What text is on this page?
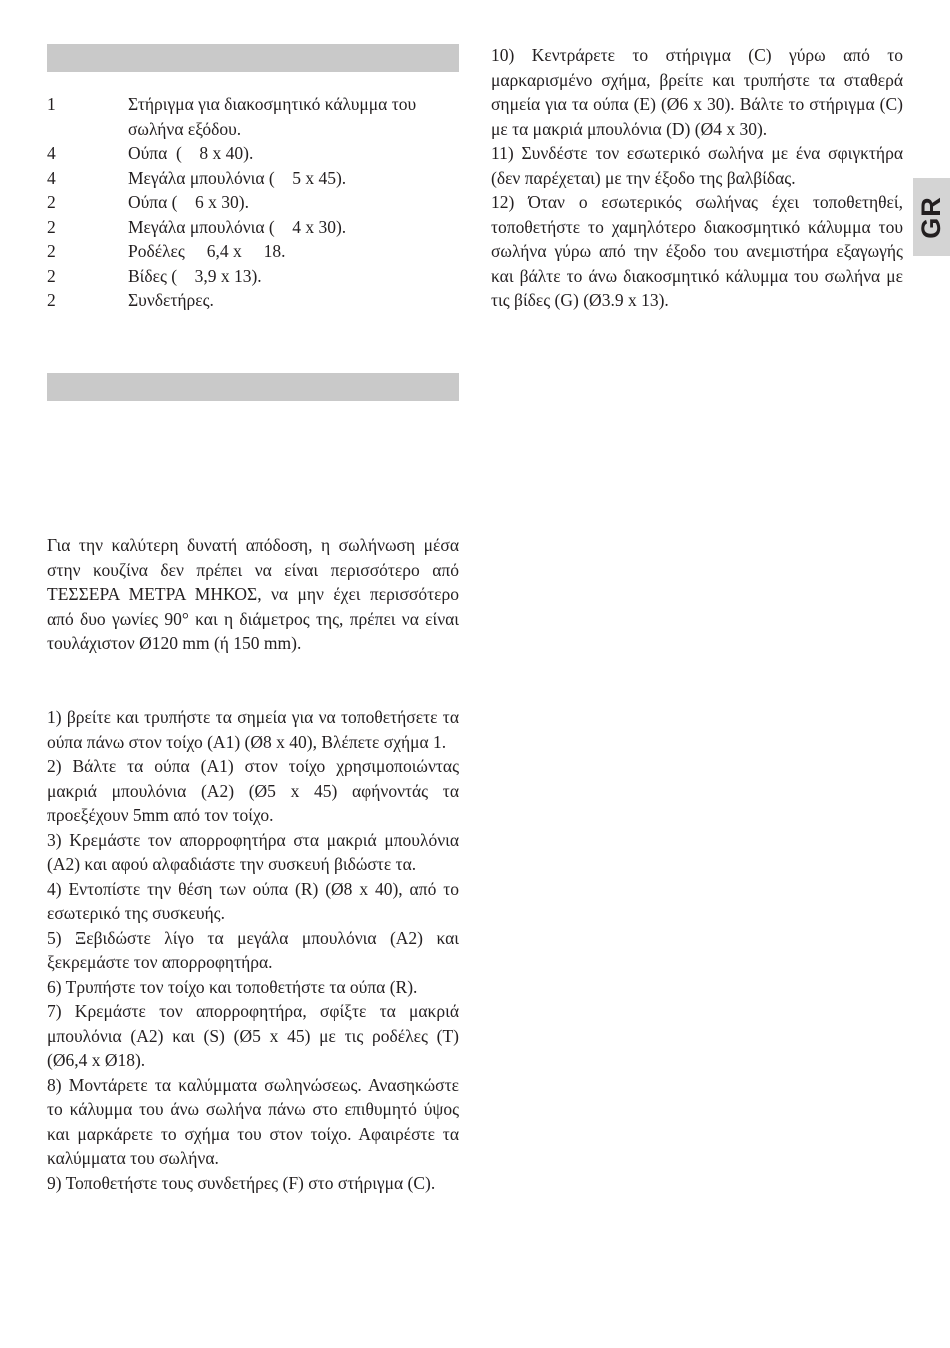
1	Στήριγμα για διακοσμητικό κάλυμμα του σωλήνα εξόδου.
4	Ούπα  (    8 x 40).
4	Μεγάλα μπουλόνια (    5 x 45).
2	Ούπα (    6 x 30).
2	Μεγάλα μπουλόνια (    4 x 30).
2	Ροδέλες     6,4 x     18.
2	Βίδες (    3,9 x 13).
2	Συνδετήρες.

Για την καλύτερη δυνατή απόδοση, η σωλήνωση μέσα στην κουζίνα δεν πρέπει να είναι περισσότερο από ΤΕΣΣΕΡΑ ΜΕΤΡΑ ΜΗΚΟΣ, να μην έχει περισσότερο από δυο γωνίες 90° και η διάμετρος της, πρέπει να είναι τουλάχιστον Ø120 mm (ή 150 mm).

1) βρείτε και τρυπήστε τα σημεία για να τοποθετήσετε τα ούπα πάνω στον τοίχο (A1) (Ø8 x 40), Βλέπετε σχήμα 1.

2) Βάλτε τα ούπα (A1) στον τοίχο χρησιμοποιώντας μακριά μπουλόνια (A2) (Ø5 x 45) αφήνοντάς τα προεξέχουν 5mm από τον τοίχο.

3) Κρεμάστε τον απορροφητήρα στα μακριά μπουλόνια (A2) και αφού αλφαδιάστε την συσκευή βιδώστε τα.

4) Εντοπίστε την θέση των ούπα (R) (Ø8 x 40), από το εσωτερικό της συσκευής.

5) Ξεβιδώστε λίγο τα μεγάλα μπουλόνια (A2) και ξεκρεμάστε τον απορροφητήρα.

6) Τρυπήστε τον τοίχο και τοποθετήστε τα ούπα (R).

7) Κρεμάστε τον απορροφητήρα, σφίξτε τα μακριά μπουλόνια (A2) και (S) (Ø5 x 45) με τις ροδέλες (T) (Ø6,4 x Ø18).

8) Μοντάρετε τα καλύμματα σωληνώσεως. Ανασηκώστε το κάλυμμα του άνω σωλήνα πάνω στο επιθυμητό ύψος και μαρκάρετε το σχήμα του στον τοίχο. Αφαιρέστε τα καλύμματα του σωλήνα.

9) Τοποθετήστε τους συνδετήρες (F) στο στήριγμα (C).

10) Κεντράρετε το στήριγμα (C) γύρω από το μαρκαρισμένο σχήμα, βρείτε και τρυπήστε τα σταθερά σημεία για τα ούπα (E) (Ø6 x 30). Βάλτε το στήριγμα (C) με τα μακριά μπουλόνια (D) (Ø4 x 30).

11) Συνδέστε τον εσωτερικό σωλήνα με ένα σφιγκτήρα (δεν παρέχεται) με την έξοδο της βαλβίδας.

12) Όταν ο εσωτερικός σωλήνας έχει τοποθετηθεί, τοποθετήστε το χαμηλότερο διακοσμητικό κάλυμμα του σωλήνα γύρω από την έξοδο του ανεμιστήρα εξαγωγής και βάλτε το άνω διακοσμητικό κάλυμμα του σωλήνα με τις βίδες (G) (Ø3.9 x 13).

GR
